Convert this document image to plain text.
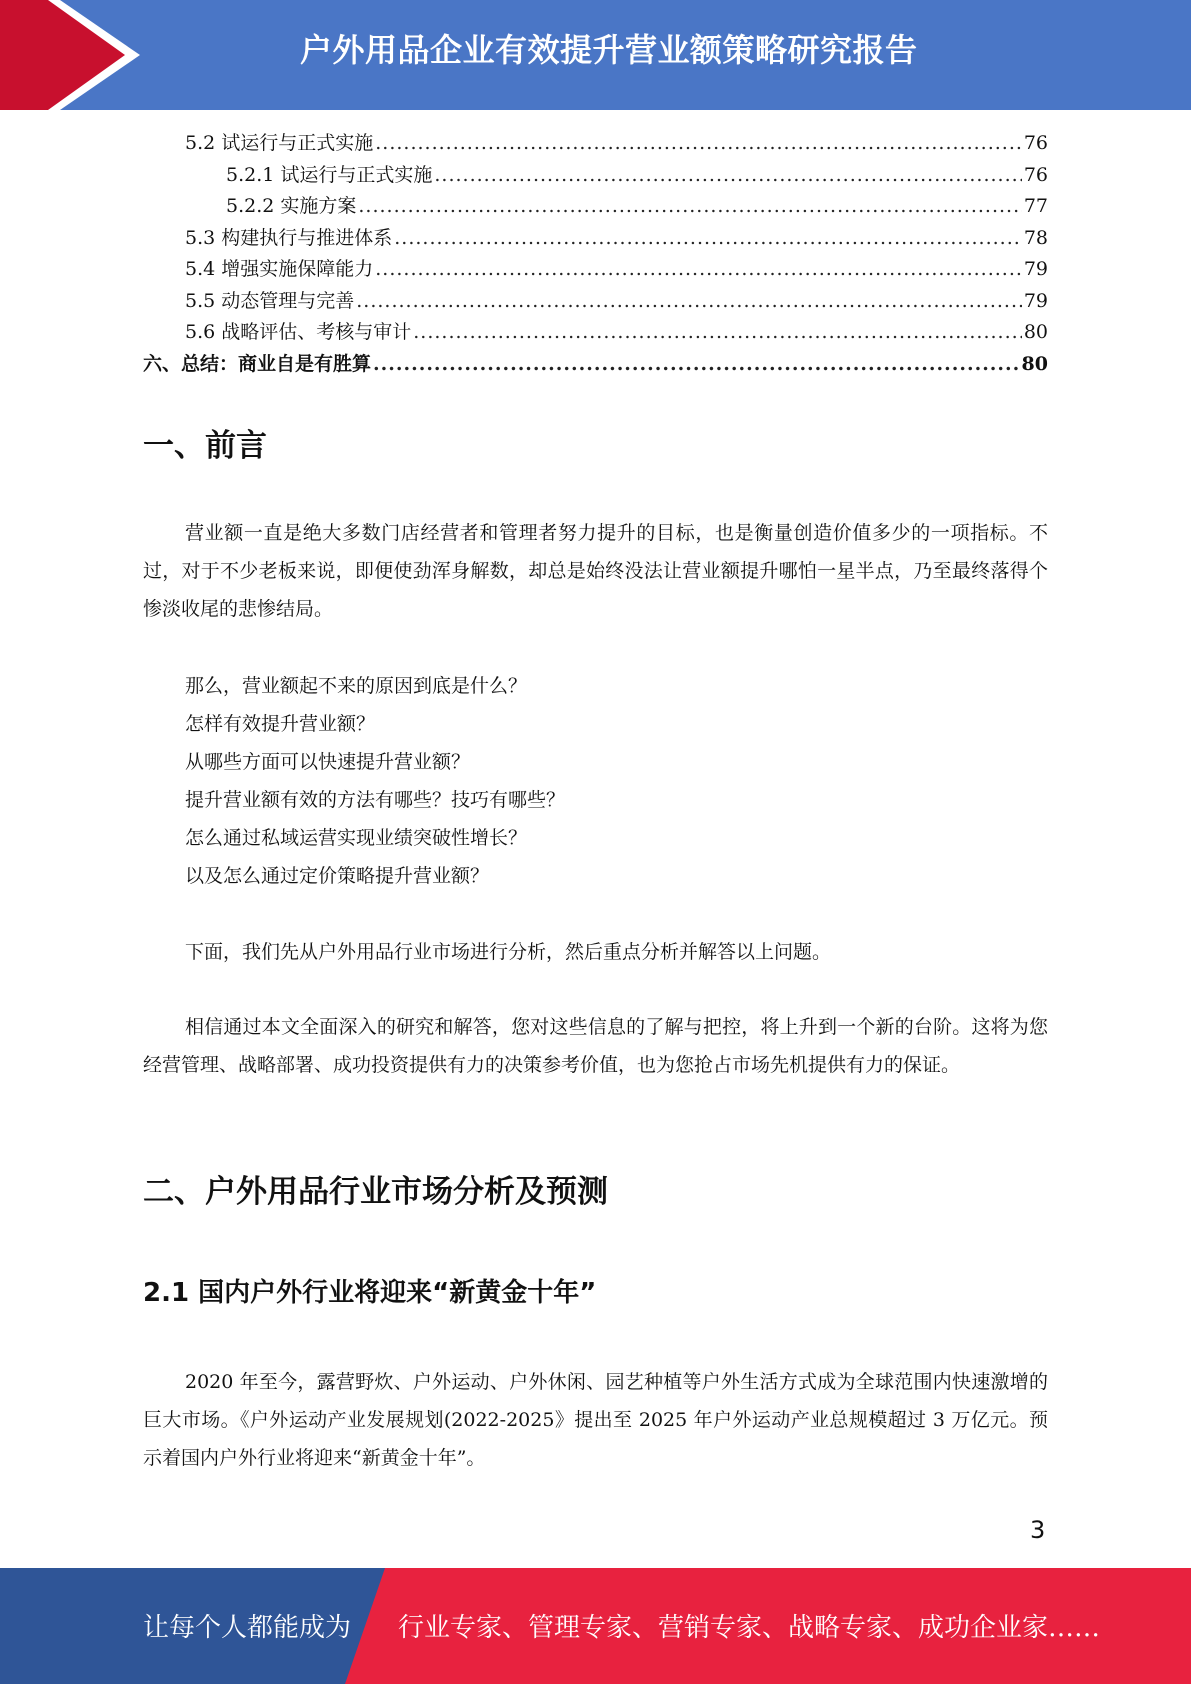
户外用品企业有效提升营业额策略研究报告
5.2 试运行与正式实施 .....	76
5.2.1 试运行与正式实施 .....	76
5.2.2 实施方案 .....	77
5.3 构建执行与推进体系 .....	78
5.4 增强实施保障能力 .....	79
5.5 动态管理与完善 .....	79
5.6 战略评估、考核与审计 .....	80
六、总结：商业自是有胜算 .....	80
一、前言
营业额一直是绝大多数门店经营者和管理者努力提升的目标，也是衡量创造价值多少的一项指标。不过，对于不少老板来说，即便使劲浑身解数，却总是始终没法让营业额提升哪怕一星半点，乃至最终落得个惨淡收尾的悲惨结局。
那么，营业额起不来的原因到底是什么？
怎样有效提升营业额？
从哪些方面可以快速提升营业额？
提升营业额有效的方法有哪些？技巧有哪些？
怎么通过私域运营实现业绩突破性增长？
以及怎么通过定价策略提升营业额？
下面，我们先从户外用品行业市场进行分析，然后重点分析并解答以上问题。
相信通过本文全面深入的研究和解答，您对这些信息的了解与把控，将上升到一个新的台阶。这将为您经营管理、战略部署、成功投资提供有力的决策参考价值，也为您抢占市场先机提供有力的保证。
二、户外用品行业市场分析及预测
2.1 国内户外行业将迎来“新黄金十年”
2020 年至今，露营野炊、户外运动、户外休闲、园艺种植等户外生活方式成为全球范围内快速激增的巨大市场。《户外运动产业发展规划(2022-2025》提出至 2025 年户外运动产业总规模超过 3 万亿元。预示着国内户外行业将迎来“新黄金十年”。
3
让每个人都能成为 行业专家、管理专家、营销专家、战略专家、成功企业家……
